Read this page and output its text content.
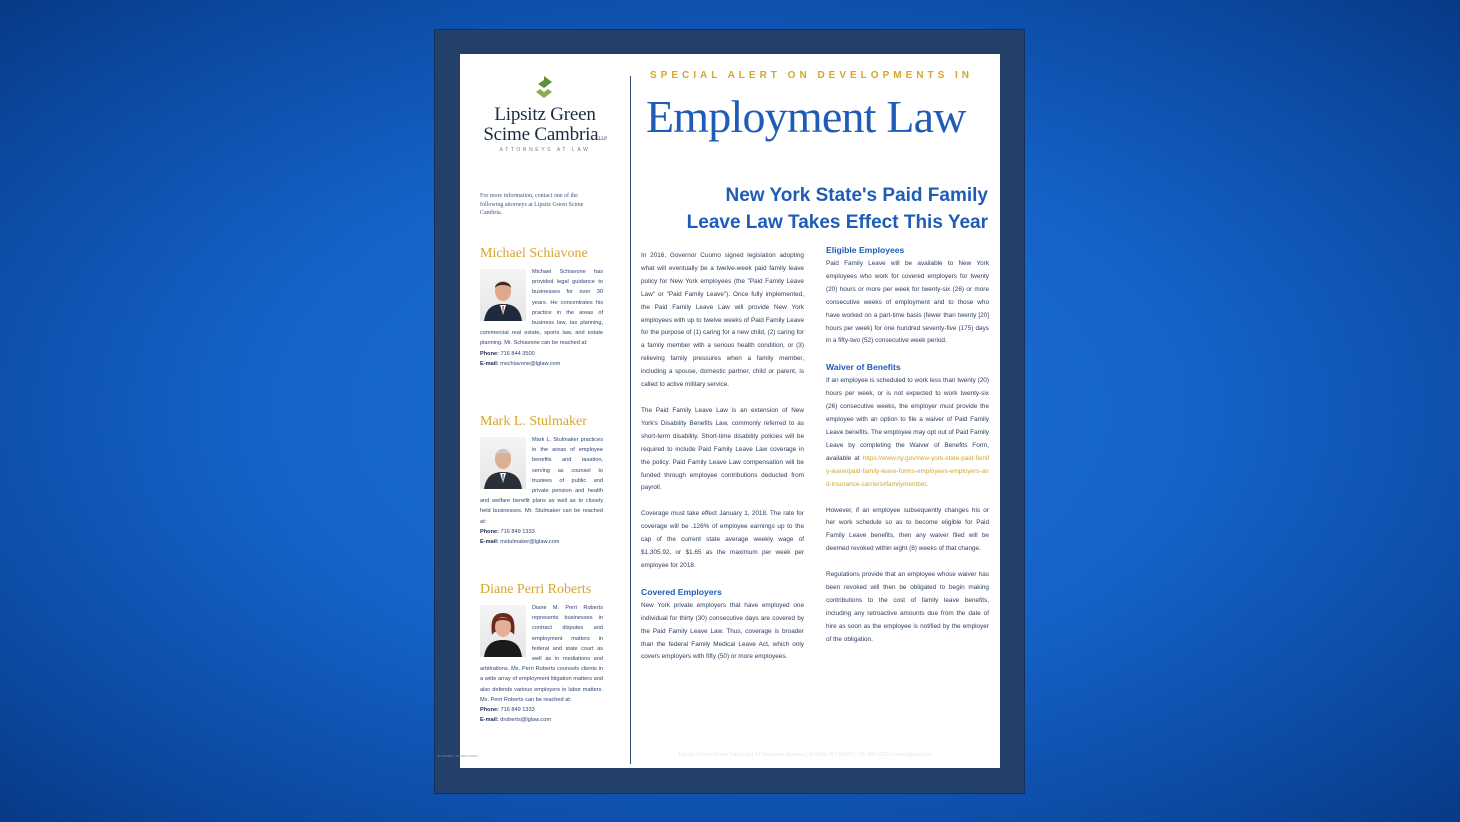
Lipsitz Green
Scime CambriaLLP
ATTORNEYS AT LAW
For more information, contact one of the following attorneys at Lipsitz Green Scime Cambria.
Michael Schiavone
Michael Schiavone has provided legal guidance to businesses for over 30 years. He concentrates his practice in the areas of business law, tax planning, commercial real estate, sports law, and estate planning. Mr. Schiavone can be reached at:
Phone: 716 844 3500
E-mail: mschiavone@lglaw.com
Mark L. Stulmaker
Mark L. Stulmaker practices in the areas of employee benefits and taxation, serving as counsel to trustees of public and private pension and health and welfare benefit plans as well as to closely held businesses. Mr. Stulmaker can be reached at:
Phone: 716 849 1333
E-mail: mstulmaker@lglaw.com
Diane Perri Roberts
Diane M. Perri Roberts represents businesses in contract disputes and employment matters in federal and state court as well as in mediations and arbitrations. Ms. Perri Roberts counsels clients in a wide array of employment litigation matters and also defends various employers in labor matters. Ms. Perri Roberts can be reached at:
Phone: 716 849 1333
E-mail: droberts@lglaw.com
SPECIAL ALERT ON DEVELOPMENTS IN
Employment Law
New York State's Paid Family
Leave Law Takes Effect This Year

In 2016, Governor Cuomo signed legislation adopting what will eventually be a twelve-week paid family leave policy for New York employees (the "Paid Family Leave Law" or "Paid Family Leave"). Once fully implemented, the Paid Family Leave Law will provide New York employees with up to twelve weeks of Paid Family Leave for the purpose of (1) caring for a new child, (2) caring for a family member with a serious health condition, or (3) relieving family pressures when a family member, including a spouse, domestic partner, child or parent, is called to active military service.

The Paid Family Leave Law is an extension of New York's Disability Benefits Law, commonly referred to as short-term disability. Short-time disability policies will be required to include Paid Family Leave Law coverage in the policy. Paid Family Leave Law compensation will be funded through employee contributions deducted from payroll.

Coverage must take effect January 1, 2018. The rate for coverage will be .126% of employee earnings up to the cap of the current state average weekly wage of $1,305.92, or $1.65 as the maximum per week per employee for 2018.

Covered Employers

New York private employers that have employed one individual for thirty (30) consecutive days are covered by the Paid Family Leave Law. Thus, coverage is broader than the federal Family Medical Leave Act, which only covers employers with fifty (50) or more employees.

Eligible Employees

Paid Family Leave will be available to New York employees who work for covered employers for twenty (20) hours or more per week for twenty-six (26) or more consecutive weeks of employment and to those who have worked on a part-time basis (fewer than twenty [20] hours per week) for one hundred seventy-five (175) days in a fifty-two (52) consecutive week period.

Waiver of Benefits

If an employee is scheduled to work less than twenty (20) hours per week, or is not expected to work twenty-six (26) consecutive weeks, the employer must provide the employee with an option to file a waiver of Paid Family Leave benefits. The employee may opt out of Paid Family Leave by completing the Waiver of Benefits Form, available at https://www.ny.gov/new-york-state-paid-family-leave/paid-family-leave-forms-employees-employers-and-insurance-carriers#familymember.

However, if an employee subsequently changes his or her work schedule so as to become eligible for Paid Family Leave benefits, then any waiver filed will be deemed revoked within eight (8) weeks of that change.

Regulations provide that an employee whose waiver has been revoked will then be obligated to begin making contributions to the cost of family leave benefits, including any retroactive amounts due from the date of hire as soon as the employee is notified by the employer of the obligation.

ATTORNEY ADVERTISING	Lipsitz Green Scime Cambria | 42 Delaware Avenue | Buffalo, NY 14202 | 716 849 1333 | www.lglaw.com
